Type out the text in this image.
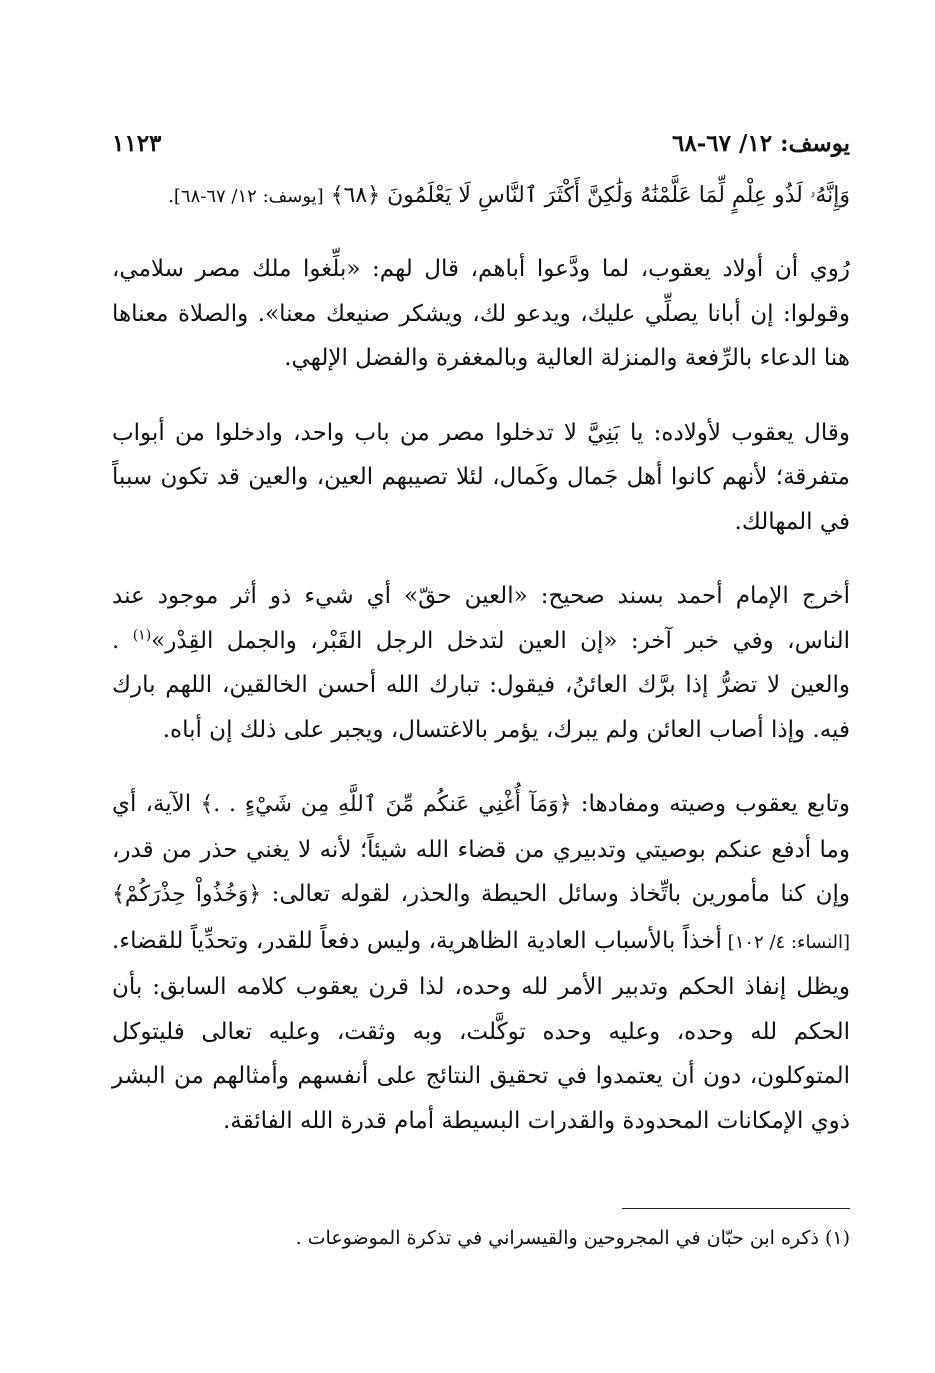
يوسف: ١٢/ ٦٧-٦٨
١١٢٣

وَإِنَّهُۥ لَذُو عِلْمٍ لِّمَا عَلَّمْنَٰهُ وَلَٰكِنَّ أَكْثَرَ ٱلنَّاسِ لَا يَعْلَمُونَ ﴿٦٨﴾ [يوسف: ١٢/ ٦٧-٦٨].

رُوي أن أولاد يعقوب، لما ودَّعوا أباهم، قال لهم: «بلِّغوا ملك مصر سلامي، وقولوا: إن أبانا يصلِّي عليك، ويدعو لك، ويشكر صنيعك معنا». والصلاة معناها هنا الدعاء بالرِّفعة والمنزلة العالية وبالمغفرة والفضل الإلهي.

وقال يعقوب لأولاده: يا بَنِيَّ لا تدخلوا مصر من باب واحد، وادخلوا من أبواب متفرقة؛ لأنهم كانوا أهل جَمال وكَمال، لئلا تصيبهم العين، والعين قد تكون سبباً في المهالك.

أخرج الإمام أحمد بسند صحيح: «العين حقّ» أي شيء ذو أثر موجود عند الناس، وفي خبر آخر: «إن العين لتدخل الرجل القَبْر، والجمل القِدْر»$^{(١)}$ . والعين لا تضرُّ إذا برَّك العائنُ، فيقول: تبارك الله أحسن الخالقين، اللهم بارك فيه. وإذا أصاب العائن ولم يبرك، يؤمر بالاغتسال، ويجبر على ذلك إن أباه.

وتابع يعقوب وصيته ومفادها: ﴿وَمَآ أُغْنِي عَنكُم مِّنَ ٱللَّهِ مِن شَيْءٍ . .﴾ الآية، أي وما أدفع عنكم بوصيتي وتدبيري من قضاء الله شيئاً؛ لأنه لا يغني حذر من قدر، وإن كنا مأمورين باتِّخاذ وسائل الحيطة والحذر، لقوله تعالى: ﴿وَخُذُواْ حِذْرَكُمْ﴾ [النساء: ٤/ ١٠٢] أخذاً بالأسباب العادية الظاهرية، وليس دفعاً للقدر، وتحدِّياً للقضاء. ويظل إنفاذ الحكم وتدبير الأمر لله وحده، لذا قرن يعقوب كلامه السابق: بأن الحكم لله وحده، وعليه وحده توكَّلت، وبه وثقت، وعليه تعالى فليتوكل المتوكلون، دون أن يعتمدوا في تحقيق النتائج على أنفسهم وأمثالهم من البشر ذوي الإمكانات المحدودة والقدرات البسيطة أمام قدرة الله الفائقة.

(١) ذكره ابن حبّان في المجروحين والقيسراني في تذكرة الموضوعات .
